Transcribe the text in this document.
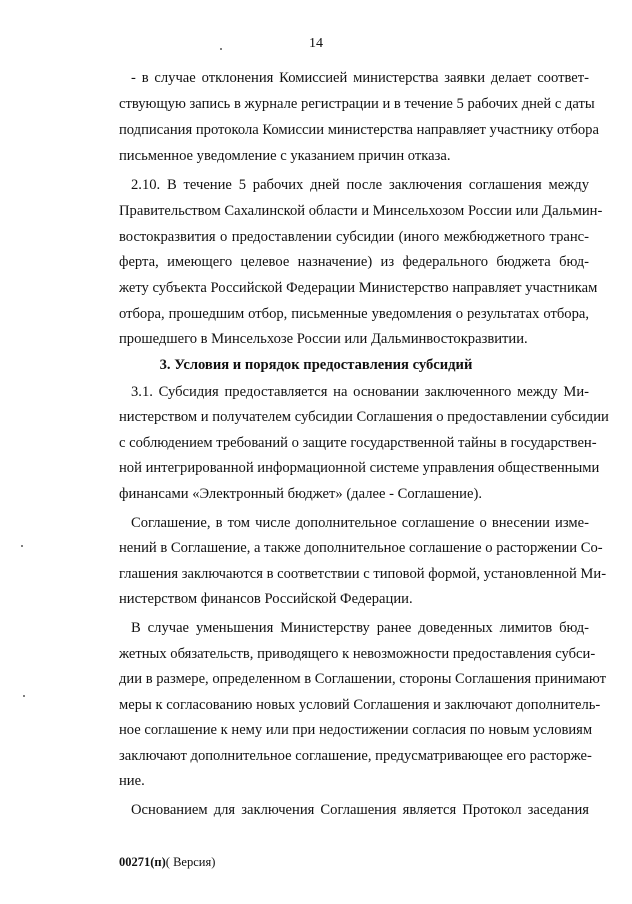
14
- в случае отклонения Комиссией министерства заявки делает соответ-
ствующую запись в журнале регистрации и в течение 5 рабочих дней с даты
подписания протокола Комиссии министерства направляет участнику отбора
письменное уведомление с указанием причин отказа.
2.10. В течение 5 рабочих дней после заключения соглашения между
Правительством Сахалинской области и Минсельхозом России или Дальмин-
востокразвития о предоставлении субсидии (иного межбюджетного транс-
ферта, имеющего целевое назначение) из федерального бюджета бюд-
жету субъекта Российской Федерации Министерство направляет участникам
отбора, прошедшим отбор, письменные уведомления о результатах отбора,
прошедшего в Минсельхозе России или Дальминвостокразвитии.
3. Условия и порядок предоставления субсидий
3.1. Субсидия предоставляется на основании заключенного между Ми-
нистерством и получателем субсидии Соглашения о предоставлении субсидии
с соблюдением требований о защите государственной тайны в государствен-
ной интегрированной информационной системе управления общественными
финансами «Электронный бюджет» (далее - Соглашение).
Соглашение, в том числе дополнительное соглашение о внесении изме-
нений в Соглашение, а также дополнительное соглашение о расторжении Со-
глашения заключаются в соответствии с типовой формой, установленной Ми-
нистерством финансов Российской Федерации.
В случае уменьшения Министерству ранее доведенных лимитов бюд-
жетных обязательств, приводящего к невозможности предоставления субси-
дии в размере, определенном в Соглашении, стороны Соглашения принимают
меры к согласованию новых условий Соглашения и заключают дополнитель-
ное соглашение к нему или при недостижении согласия по новым условиям
заключают дополнительное соглашение, предусматривающее его расторже-
ние.
Основанием для заключения Соглашения является Протокол заседания
00271(п)( Версия)
